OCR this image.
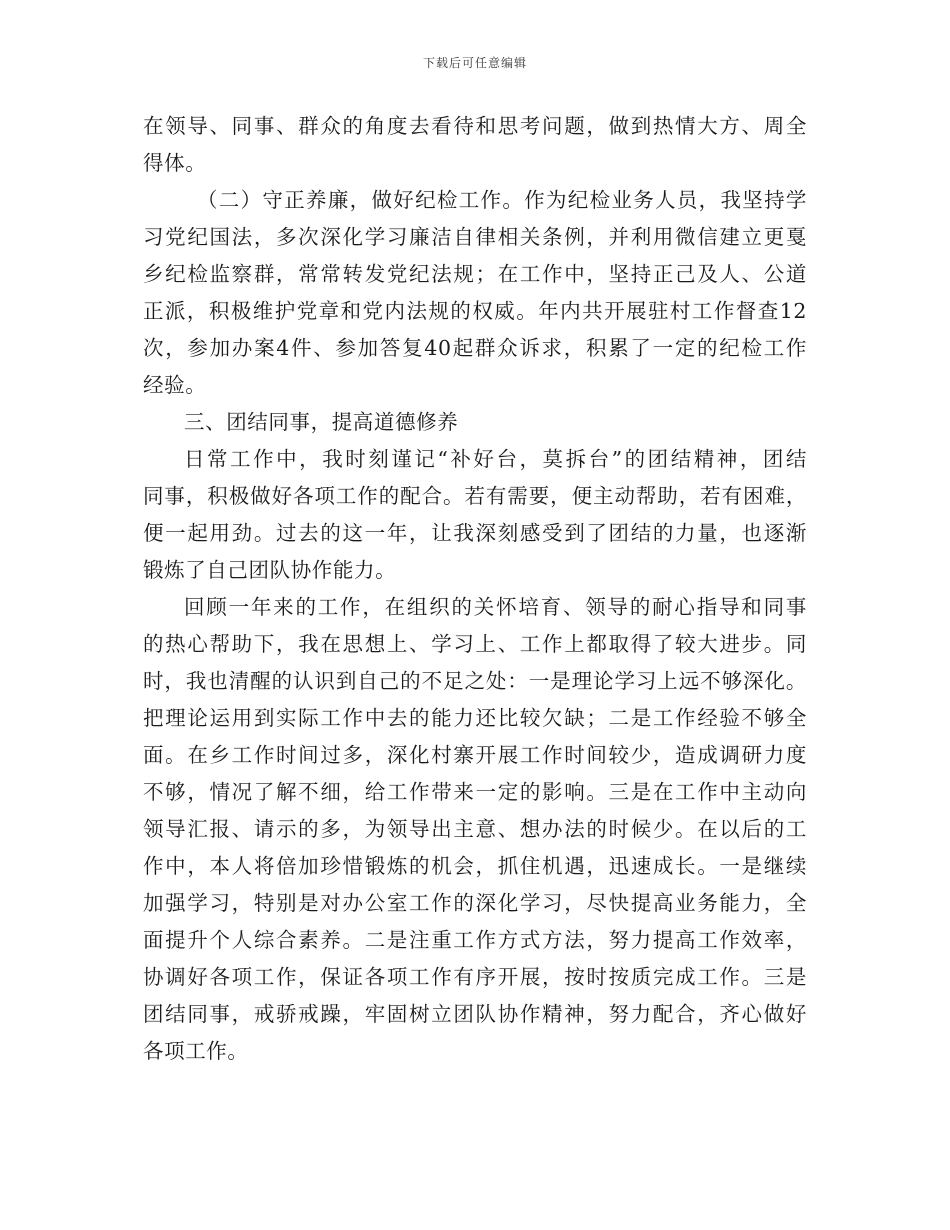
下载后可任意编辑
在领导、同事、群众的角度去看待和思考问题，做到热情大方、周全
得体。
（二）守正养廉，做好纪检工作。作为纪检业务人员，我坚持学
习党纪国法，多次深化学习廉洁自律相关条例，并利用微信建立更戛
乡纪检监察群，常常转发党纪法规；在工作中，坚持正己及人、公道
正派，积极维护党章和党内法规的权威。年内共开展驻村工作督查12
次，参加办案4件、参加答复40起群众诉求，积累了一定的纪检工作
经验。
三、团结同事，提高道德修养
日常工作中，我时刻谨记“补好台，莫拆台”的团结精神，团结
同事，积极做好各项工作的配合。若有需要，便主动帮助，若有困难，
便一起用劲。过去的这一年，让我深刻感受到了团结的力量，也逐渐
锻炼了自己团队协作能力。
回顾一年来的工作，在组织的关怀培育、领导的耐心指导和同事
的热心帮助下，我在思想上、学习上、工作上都取得了较大进步。同
时，我也清醒的认识到自己的不足之处：一是理论学习上远不够深化。
把理论运用到实际工作中去的能力还比较欠缺；二是工作经验不够全
面。在乡工作时间过多，深化村寨开展工作时间较少，造成调研力度
不够，情况了解不细，给工作带来一定的影响。三是在工作中主动向
领导汇报、请示的多，为领导出主意、想办法的时候少。在以后的工
作中，本人将倍加珍惜锻炼的机会，抓住机遇，迅速成长。一是继续
加强学习，特别是对办公室工作的深化学习，尽快提高业务能力，全
面提升个人综合素养。二是注重工作方式方法，努力提高工作效率，
协调好各项工作，保证各项工作有序开展，按时按质完成工作。三是
团结同事，戒骄戒躁，牢固树立团队协作精神，努力配合，齐心做好
各项工作。
